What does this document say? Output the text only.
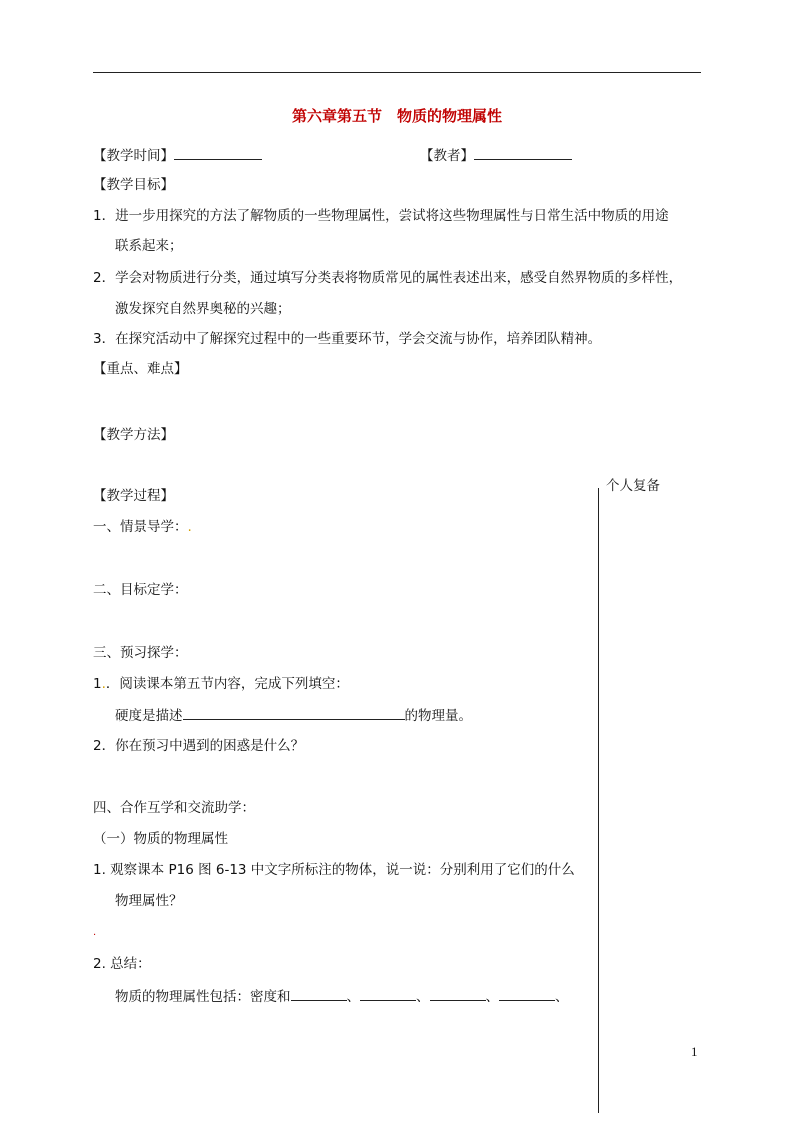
第六章第五节　物质的物理属性
【教学时间】	【教者】
【教学目标】
1．进一步用探究的方法了解物质的一些物理属性，尝试将这些物理属性与日常生活中物质的用途
联系起来；
2．学会对物质进行分类，通过填写分类表将物质常见的属性表述出来，感受自然界物质的多样性，
激发探究自然界奥秘的兴趣；
3．在探究活动中了解探究过程中的一些重要环节，学会交流与协作，培养团队精神。
【重点、难点】
【教学方法】
个人复备
【教学过程】
一、情景导学：.
二、目标定学：
三、预习探学：
1.．阅读课本第五节内容，完成下列填空：
硬度是描述	的物理量。
2．你在预习中遇到的困惑是什么？
四、合作互学和交流助学：
（一）物质的物理属性
1. 观察课本 P16 图 6-13 中文字所标注的物体，说一说：分别利用了它们的什么
物理属性？
.
2. 总结：
物质的物理属性包括：密度和	、	、	、	、
1
